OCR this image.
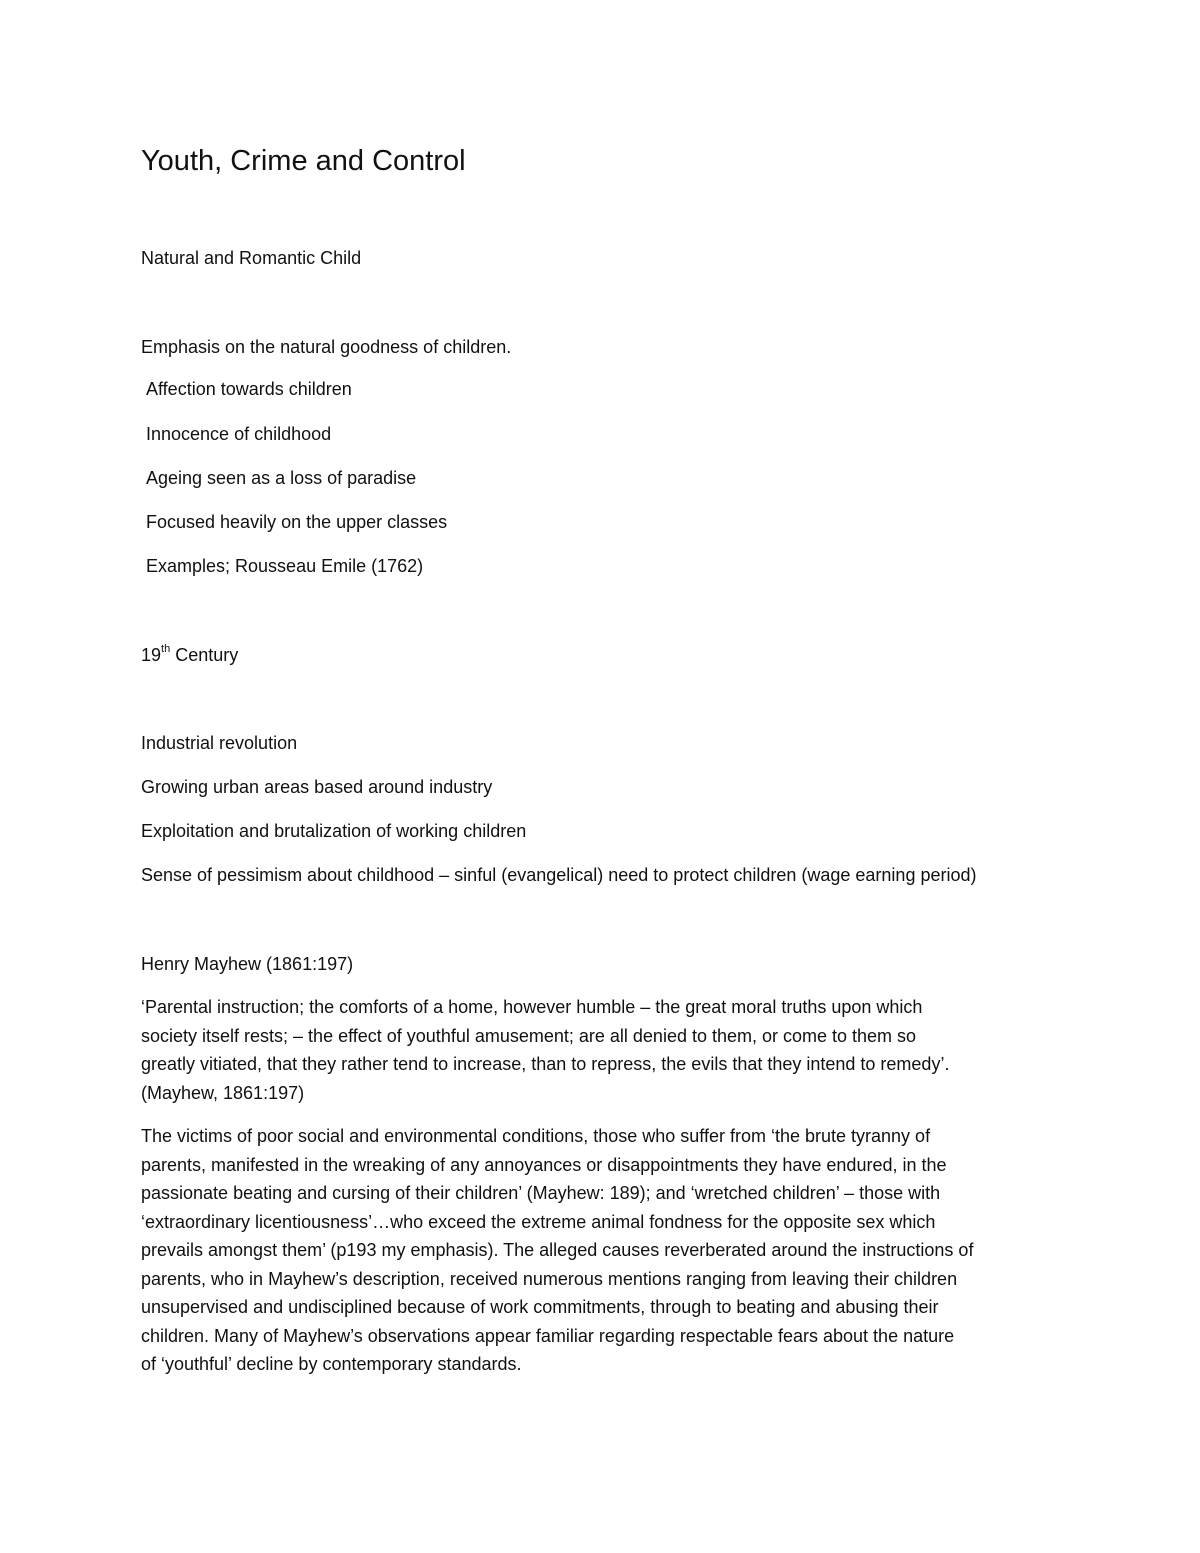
Youth, Crime and Control

Natural and Romantic Child

Emphasis on the natural goodness of children.

Affection towards children

Innocence of childhood

Ageing seen as a loss of paradise

Focused heavily on the upper classes

Examples; Rousseau Emile (1762)

19th Century

Industrial revolution

Growing urban areas based around industry

Exploitation and brutalization of working children

Sense of pessimism about childhood – sinful (evangelical) need to protect children (wage earning period)

Henry Mayhew (1861:197)

‘Parental instruction; the comforts of a home, however humble – the great moral truths upon which
society itself rests; – the effect of youthful amusement; are all denied to them, or come to them so
greatly vitiated, that they rather tend to increase, than to repress, the evils that they intend to remedy’.
(Mayhew, 1861:197)
The victims of poor social and environmental conditions, those who suffer from ‘the brute tyranny of
parents, manifested in the wreaking of any annoyances or disappointments they have endured, in the
passionate beating and cursing of their children’ (Mayhew: 189); and ‘wretched children’ – those with
‘extraordinary licentiousness’…who exceed the extreme animal fondness for the opposite sex which
prevails amongst them’ (p193 my emphasis). The alleged causes reverberated around the instructions of
parents, who in Mayhew’s description, received numerous mentions ranging from leaving their children
unsupervised and undisciplined because of work commitments, through to beating and abusing their
children. Many of Mayhew’s observations appear familiar regarding respectable fears about the nature
of ‘youthful’ decline by contemporary standards.
